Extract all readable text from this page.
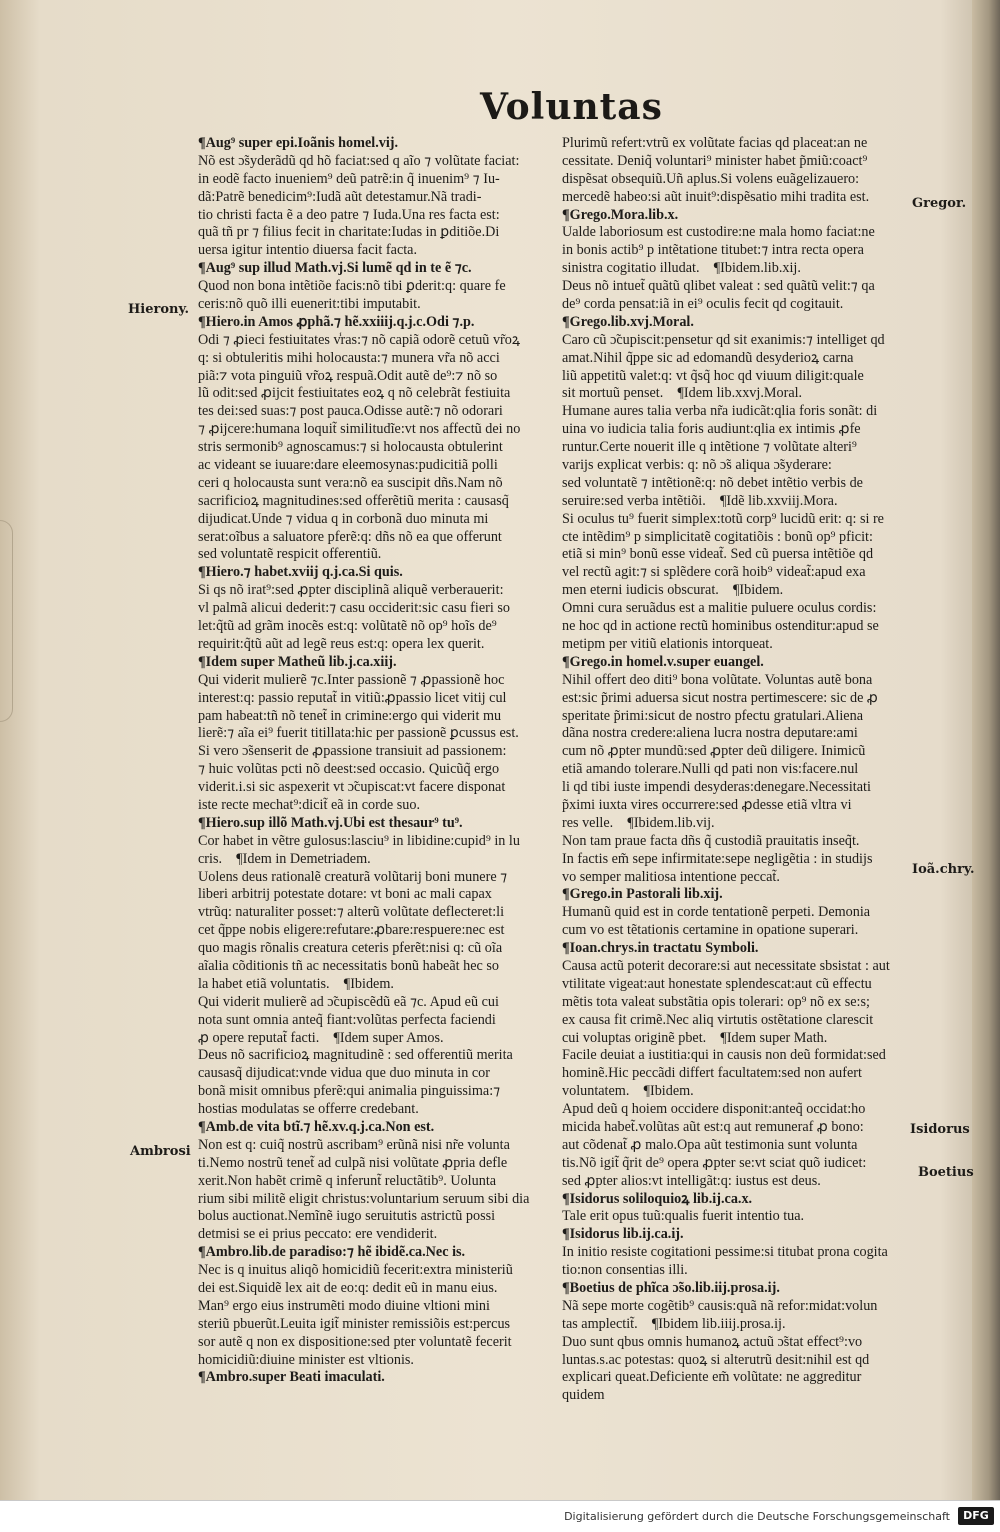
Voluntas
¶Aug⁹ super epi.Ioãnis homel.vij.
Nõ est ɔ̃syderãdũ qd hõ faciat:sed q aĩo ⁊ volũtate faciat:
in eodẽ facto inueniem⁹ deũ patrẽ:in q̃ inuenim⁹ ⁊ Iu-
dã:Patrẽ benedicim⁹:Iudã aũt detestamur.Nã tradi-
tio christi facta ẽ a deo patre ⁊ Iuda.Una res facta est:
quã tñ pr ⁊ filius fecit in charitate:Iudas in ꝑditiõe.Di
uersa igitur intentio diuersa facit facta.
¶Aug⁹ sup illud Math.vj.Si lumẽ qd in te ẽ ⁊c.
Quod non bona intẽtiõe facis:nõ tibi ꝑderit:q: quare fe
ceris:nõ quõ illi euenerit:tibi imputabit.
¶Hiero.in Amos ꝓphã.⁊ hẽ.xxiiij.q.j.c.Odi ⁊.p.
Odi ⁊ ꝓieci festiuitates v̾ras:⁊ nõ capiã odorẽ cetuũ vr̃oꝝ
q: si obtuleritis mihi holocausta:⁊ munera vr̃a nõ acci
piã:⁊ vota pinguiũ vr̃oꝝ respuã.Odit autẽ de⁹:⁊ nõ so
lũ odit:sed ꝓijcit festiuitates eoꝝ q nõ celebrãt festiuita
tes dei:sed suas:⁊ post pauca.Odisse autẽ:⁊ nõ odorari
⁊ ꝓijcere:humana loquit̃ similitudĩe:vt nos affectũ dei no
stris sermonib⁹ agnoscamus:⁊ si holocausta obtulerint
ac videant se iuuare:dare eleemosynas:pudicitiã polli
ceri q holocausta sunt vera:nõ ea suscipit dñs.Nam nõ
sacrificioꝝ magnitudines:sed offerẽtiũ merita : causasq̃
dijudicat.Unde ⁊ vidua q in corbonã duo minuta mi
serat:oĩbus a saluatore pferẽ:q: dñs nõ ea que offerunt
sed voluntatẽ respicit offerentiũ.
¶Hiero.⁊ habet.xviij q.j.ca.Si quis.
Si qs nõ irat⁹:sed ꝓpter disciplinã aliquẽ verberauerit:
vl palmã alicui dederit:⁊ casu occiderit:sic casu fieri so
let:q̃tũ ad grãm inocẽs est:q: volũtatẽ nõ op⁹ hoĩs de⁹
requirit:q̃tũ aũt ad legẽ reus est:q: opera lex querit.
¶Idem super Matheũ lib.j.ca.xiij.
Qui viderit mulierẽ ⁊c.Inter passionẽ ⁊ ꝓpassionẽ hoc
interest:q: passio reputat̃ in vitiũ:ꝓpassio licet vitij cul
pam habeat:tñ nõ tenet̃ in crimine:ergo qui viderit mu
lierẽ:⁊ aĩa ei⁹ fuerit titillata:hic per passionẽ ꝑcussus est.
Si vero ɔ̃senserit de ꝓpassione transiuit ad passionem:
⁊ huic volũtas pcti nõ deest:sed occasio. Quicũq̃ ergo
viderit.i.si sic aspexerit vt ɔ̃cupiscat:vt facere disponat
iste recte mechat⁹:dicit̃ eã in corde suo.
¶Hiero.sup illõ Math.vj.Ubi est thesaur⁹ tu⁹.
Cor habet in vẽtre gulosus:lasciu⁹ in libidine:cupid⁹ in lu
cris.    ¶Idem in Demetriadem.
Uolens deus rationalẽ creaturã volũtarij boni munere ⁊
liberi arbitrij potestate dotare: vt boni ac mali capax
vtrũq: naturaliter posset:⁊ alterũ volũtate deflecteret:li
cet q̃ppe nobis eligere:refutare:ꝓbare:respuere:nec est
quo magis rõnalis creatura ceteris pferẽt:nisi q: cũ oĩa
aĩalia cõditionis tñ ac necessitatis bonũ habeãt hec so
la habet etiã voluntatis.    ¶Ibidem.
Qui viderit mulierẽ ad ɔ̃cupiscẽdũ eã ⁊c. Apud eũ cui
nota sunt omnia anteq̃ fiant:volũtas perfecta faciendi
ꝓ opere reputat̃ facti.    ¶Idem super Amos.
Deus nõ sacrificioꝝ magnitudinẽ : sed offerentiũ merita
causasq̃ dijudicat:vnde vidua que duo minuta in cor
bonã misit omnibus pferẽ:qui animalia pinguissima:⁊
hostias modulatas se offerre credebant.
¶Amb.de vita btĩ.⁊ hẽ.xv.q.j.ca.Non est.
Non est q: cuiq̃ nostrũ ascribam⁹ erũnã nisi nr̃e volunta
ti.Nemo nostrũ tenet̃ ad culpã nisi volũtate ꝓpria defle
xerit.Non habẽt crimẽ q inferunt̃ reluctãtib⁹. Uolunta
rium sibi militẽ eligit christus:voluntarium seruum sibi dia
bolus auctionat.Nemĩnẽ iugo seruitutis astrictũ possi
detmisi se ei prius peccato: ere vendiderit.
¶Ambro.lib.de paradiso:⁊ hẽ ibidẽ.ca.Nec is.
Nec is q inuitus aliqõ homicidiũ fecerit:extra ministeriũ
dei est.Siquidẽ lex ait de eo:q: dedit eũ in manu eius.
Man⁹ ergo eius instrumẽti modo diuine vltioni mini
steriũ pbuerũt.Leuita igit̃ minister remissiõis est:percus
sor autẽ q non ex dispositione:sed pter voluntatẽ fecerit
homicidiũ:diuine minister est vltionis.
¶Ambro.super Beati imaculati.
Plurimũ refert:vtrũ ex volũtate facias qd placeat:an ne
cessitate. Deniq̃ voluntari⁹ minister habet p̃miũ:coact⁹
dispẽsat obsequiũ.Uñ aplus.Si volens euãgelizauero:
mercedẽ habeo:si aũt inuit⁹:dispẽsatio mihi tradita est.
¶Grego.Mora.lib.x.
Ualde laboriosum est custodire:ne mala homo faciat:ne
in bonis actib⁹ p intẽtatione titubet:⁊ intra recta opera
sinistra cogitatio illudat.    ¶Ibidem.lib.xij.
Deus nõ intuet̃ quãtũ qlibet valeat : sed quãtũ velit:⁊ qa
de⁹ corda pensat:iã in ei⁹ oculis fecit qd cogitauit.
¶Grego.lib.xvj.Moral.
Caro cũ ɔ̃cupiscit:pensetur qd sit exanimis:⁊ intelliget qd
amat.Nihil q̃ppe sic ad edomandũ desyderioꝝ carna
liũ appetitũ valet:q: vt q̃sq̃ hoc qd viuum diligit:quale
sit mortuũ penset.    ¶Idem lib.xxvj.Moral.
Humane aures talia verba nr̃a iudicãt:qlia foris sonãt: di
uina vo iudicia talia foris audiunt:qlia ex intimis ꝓfe
runtur.Certe nouerit ille q intẽtione ⁊ volũtate alteri⁹
varijs explicat verbis: q: nõ ɔ̃s aliqua ɔ̃syderare:
sed voluntatẽ ⁊ intẽtionẽ:q: nõ debet intẽtio verbis de
seruire:sed verba intẽtiõi.    ¶Idẽ lib.xxviij.Mora.
Si oculus tu⁹ fuerit simplex:totũ corp⁹ lucidũ erit: q: si re
cte intẽdim⁹ p simplicitatẽ cogitatiõis : bonũ op⁹ pficit:
etiã si min⁹ bonũ esse videat̃. Sed cũ puersa intẽtiõe qd
vel rectũ agit:⁊ si splẽdere corã hoib⁹ videat̃:apud exa
men eterni iudicis obscurat.    ¶Ibidem.
Omni cura seruãdus est a malitie puluere oculus cordis:
ne hoc qd in actione rectũ hominibus ostenditur:apud se
metipm per vitiũ elationis intorqueat.
¶Grego.in homel.v.super euangel.
Nihil offert deo diti⁹ bona volũtate. Voluntas autẽ bona
est:sic p̃rimi aduersa sicut nostra pertimescere: sic de ꝓ
speritate p̃rimi:sicut de nostro pfectu gratulari.Aliena
dãna nostra credere:aliena lucra nostra deputare:ami
cum nõ ꝓpter mundũ:sed ꝓpter deũ diligere. Inimicũ
etiã amando tolerare.Nulli qd pati non vis:facere.nul
li qd tibi iuste impendi desyderas:denegare.Necessitati
p̃ximi iuxta vires occurrere:sed ꝓdesse etiã vltra vi
res velle.    ¶Ibidem.lib.vij.
Non tam praue facta dñs q̃ custodiã prauitatis inseq̃t.
In factis em̃ sepe infirmitate:sepe negligẽtia : in studijs
vo semper malitiosa intentione peccat̃.
¶Grego.in Pastorali lib.xij.
Humanũ quid est in corde tentationẽ perpeti. Demonia
cum vo est tẽtationis certamine in opatione superari.
¶Ioan.chrys.in tractatu Symboli.
Causa actũ poterit decorare:si aut necessitate sbsistat : aut
vtilitate vigeat:aut honestate splendescat:aut cũ effectu
mẽtis tota valeat substãtia opis tolerari: op⁹ nõ ex se:s;
ex causa fit crimẽ.Nec aliq virtutis ostẽtatione clarescit
cui voluptas originẽ pbet.    ¶Idem super Math.
Facile deuiat a iustitia:qui in causis non deũ formidat:sed
hominẽ.Hic peccãdi differt facultatem:sed non aufert
voluntatem.    ¶Ibidem.
Apud deũ q hoiem occidere disponit:anteq̃ occidat:ho
micida habet̃.volũtas aũt est:q aut remuneraf ꝓ bono:
aut cõdenat̃ ꝓ malo.Opa aũt testimonia sunt volunta
tis.Nõ igit̃ q̃rit de⁹ opera ꝓpter se:vt sciat quõ iudicet:
sed ꝓpter alios:vt intelligãt:q: iustus est deus.
¶Isidorus soliloquioꝝ lib.ij.ca.x.
Tale erit opus tuũ:qualis fuerit intentio tua.
¶Isidorus lib.ij.ca.ij.
In initio resiste cogitationi pessime:si titubat prona cogita
tio:non consentias illi.
¶Boetius de phĩca ɔ̃so.lib.iij.prosa.ij.
Nã sepe morte cogẽtib⁹ causis:quã nã refor:midat:volun
tas amplectit̃.    ¶Ibidem lib.iiij.prosa.ij.
Duo sunt qbus omnis humanoꝝ actuũ ɔ̃stat effect⁹:vo
luntas.s.ac potestas: quoꝝ si alterutrũ desit:nihil est qd
explicari queat.Deficiente em̃ volũtate: ne aggreditur
quidem
Hierony.
Ambrosi
Gregor.
Ioã.chry.
Isidorus
Boetius
Digitalisierung gefördert durch die Deutsche Forschungsgemeinschaft	DFG
